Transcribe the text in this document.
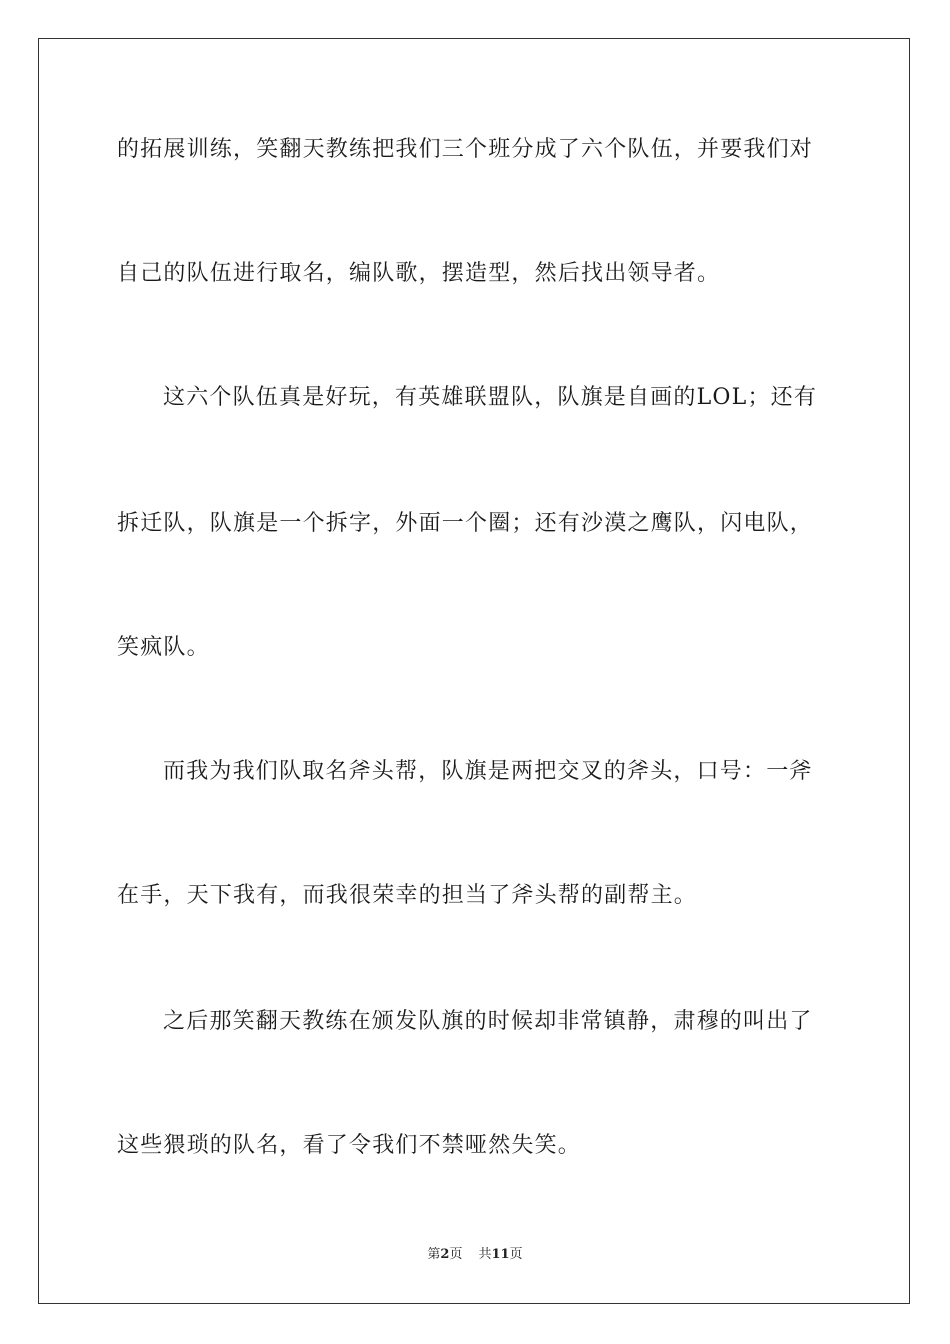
的拓展训练，笑翻天教练把我们三个班分成了六个队伍，并要我们对
自己的队伍进行取名，编队歌，摆造型，然后找出领导者。
这六个队伍真是好玩，有英雄联盟队，队旗是自画的LOL；还有
拆迁队，队旗是一个拆字，外面一个圈；还有沙漠之鹰队，闪电队，
笑疯队。
而我为我们队取名斧头帮，队旗是两把交叉的斧头，口号：一斧
在手，天下我有，而我很荣幸的担当了斧头帮的副帮主。
之后那笑翻天教练在颁发队旗的时候却非常镇静，肃穆的叫出了
这些猥琐的队名，看了令我们不禁哑然失笑。
第2页 共11页
